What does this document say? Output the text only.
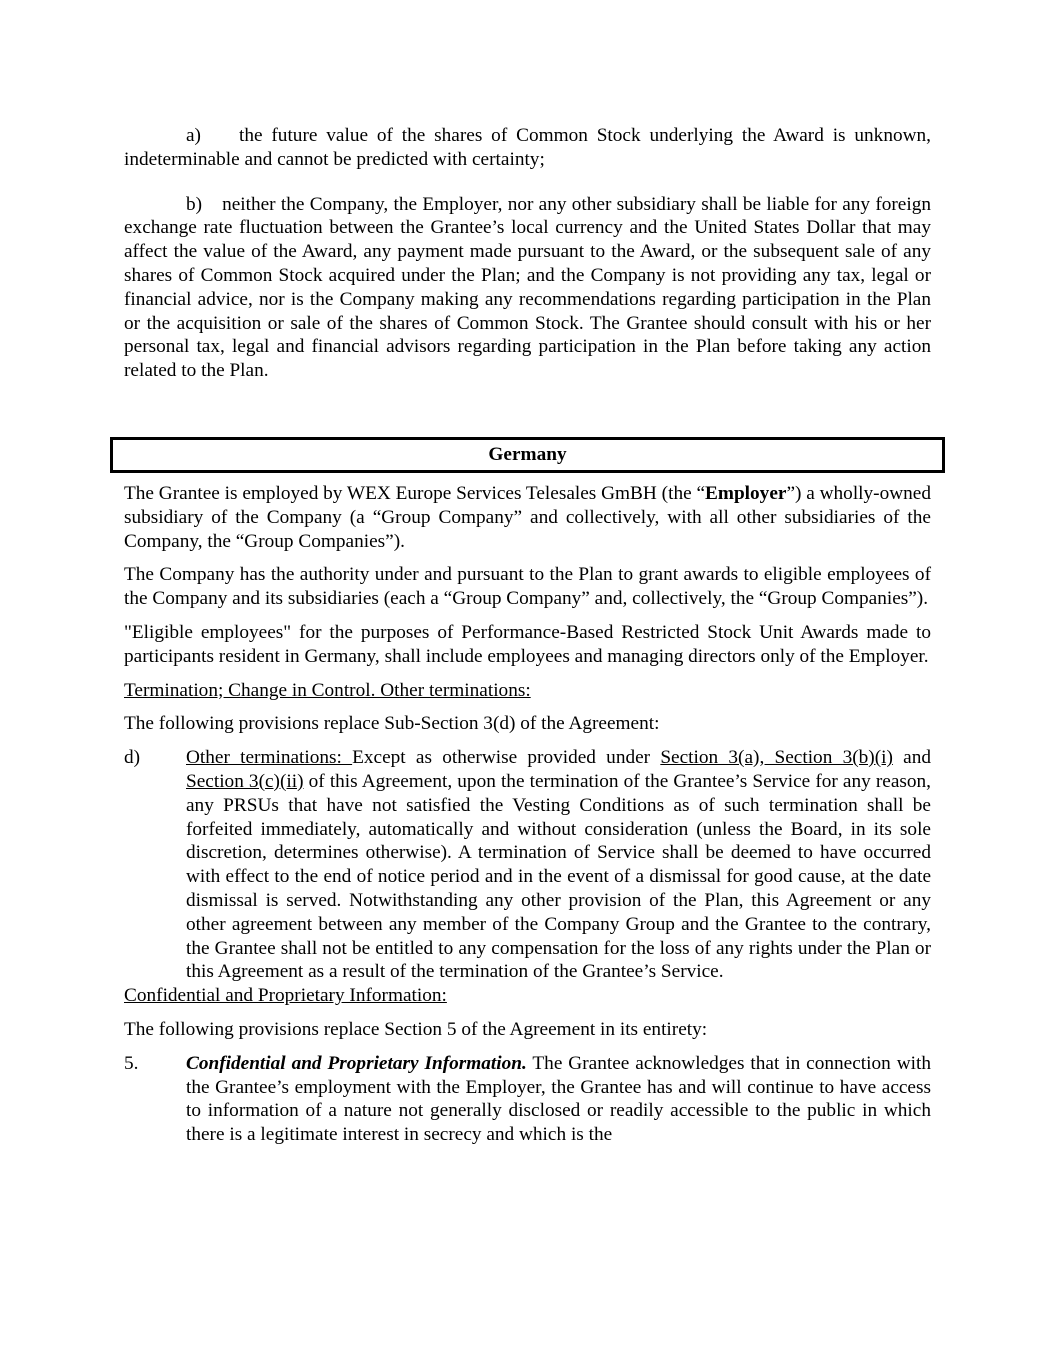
a) the future value of the shares of Common Stock underlying the Award is unknown, indeterminable and cannot be predicted with certainty;

b) neither the Company, the Employer, nor any other subsidiary shall be liable for any foreign exchange rate fluctuation between the Grantee’s local currency and the United States Dollar that may affect the value of the Award, any payment made pursuant to the Award, or the subsequent sale of any shares of Common Stock acquired under the Plan; and the Company is not providing any tax, legal or financial advice, nor is the Company making any recommendations regarding participation in the Plan or the acquisition or sale of the shares of Common Stock. The Grantee should consult with his or her personal tax, legal and financial advisors regarding participation in the Plan before taking any action related to the Plan.

Germany

The Grantee is employed by WEX Europe Services Telesales GmBH (the “Employer”) a wholly-owned subsidiary of the Company (a “Group Company” and collectively, with all other subsidiaries of the Company, the “Group Companies”).

The Company has the authority under and pursuant to the Plan to grant awards to eligible employees of the Company and its subsidiaries (each a “Group Company” and, collectively, the “Group Companies”).

"Eligible employees" for the purposes of Performance-Based Restricted Stock Unit Awards made to participants resident in Germany, shall include employees and managing directors only of the Employer.

Termination; Change in Control. Other terminations:

The following provisions replace Sub-Section 3(d) of the Agreement:

d)	Other terminations: Except as otherwise provided under Section 3(a), Section 3(b)(i) and Section 3(c)(ii) of this Agreement, upon the termination of the Grantee’s Service for any reason, any PRSUs that have not satisfied the Vesting Conditions as of such termination shall be forfeited immediately, automatically and without consideration (unless the Board, in its sole discretion, determines otherwise). A termination of Service shall be deemed to have occurred with effect to the end of notice period and in the event of a dismissal for good cause, at the date dismissal is served. Notwithstanding any other provision of the Plan, this Agreement or any other agreement between any member of the Company Group and the Grantee to the contrary, the Grantee shall not be entitled to any compensation for the loss of any rights under the Plan or this Agreement as a result of the termination of the Grantee’s Service.

Confidential and Proprietary Information:

The following provisions replace Section 5 of the Agreement in its entirety:

5.	Confidential and Proprietary Information. The Grantee acknowledges that in connection with the Grantee’s employment with the Employer, the Grantee has and will continue to have access to information of a nature not generally disclosed or readily accessible to the public in which there is a legitimate interest in secrecy and which is the
